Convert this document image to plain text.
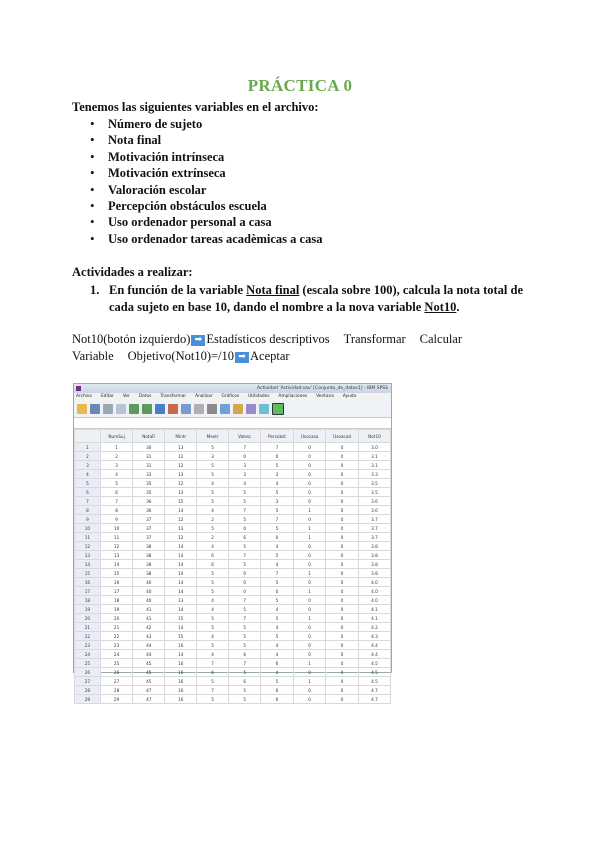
PRÁCTICA 0
Tenemos las siguientes variables en el archivo:
• Número de sujeto
• Nota final
• Motivación intrínseca
• Motivación extrínseca
• Valoración escolar
• Percepción obstáculos escuela
• Uso ordenador personal a casa
• Uso ordenador tareas acadèmicas a casa
Actividades a realizar:
1. En función de la variable Nota final (escala sobre 100), calcula la nota total de cada sujeto en base 10, dando el nombre a la nova variable Not10.
Not10(botón izquierdo) ➡ Estadísticos descriptivos Transformar Calcular
Variable Objetivo(Not10)=/10 ➡ Aceptar
Actividad 'Actividad.sav' [Conjunto_de_datos1] - IBM SPSS
Archivo Editar Ver Datos Transformar Analizar Gráficos Utilidades Ampliaciones Ventana Ayuda
	NumSuj	NotaFi	Mintr	Mextr	Valesc	Percobst	Usocasa	Usoacad	Not10
1	1	30	13	5	7	7	0	0	3.0
2	2	31	12	3	0	0	0	0	3.1
3	3	31	12	5	3	5	0	0	3.1
4	4	33	13	5	3	3	0	0	3.3
5	5	35	12	4	4	4	0	0	3.5
6	6	35	13	5	5	5	0	0	3.5
7	7	36	15	5	5	3	0	0	3.6
8	8	36	14	4	7	5	1	0	3.6
9	9	37	12	2	5	7	0	0	3.7
10	10	37	13	5	0	5	1	0	3.7
11	11	37	12	2	6	0	1	0	3.7
12	12	38	14	4	5	4	0	0	3.8
13	13	38	14	6	7	5	0	0	3.8
14	14	38	14	6	5	4	0	0	3.8
15	15	38	14	5	0	7	1	0	3.8
16	16	40	14	5	0	5	0	0	4.0
17	17	40	14	5	0	0	1	0	4.0
18	18	40	13	4	7	5	0	0	4.0
19	19	41	14	4	5	4	0	0	4.1
20	20	41	15	5	7	5	1	0	4.1
21	21	42	14	5	5	4	0	0	4.2
22	22	43	15	4	5	5	0	0	4.3
23	23	44	16	5	5	4	0	0	4.4
24	24	44	14	4	6	4	0	0	4.4
25	25	45	16	7	7	6	1	0	4.5
26	26	45	16	6	5	4	0	0	4.5
27	27	45	16	5	6	5	1	0	4.5
28	28	47	16	7	5	6	0	0	4.7
29	29	47	16	5	5	6	0	0	4.7
